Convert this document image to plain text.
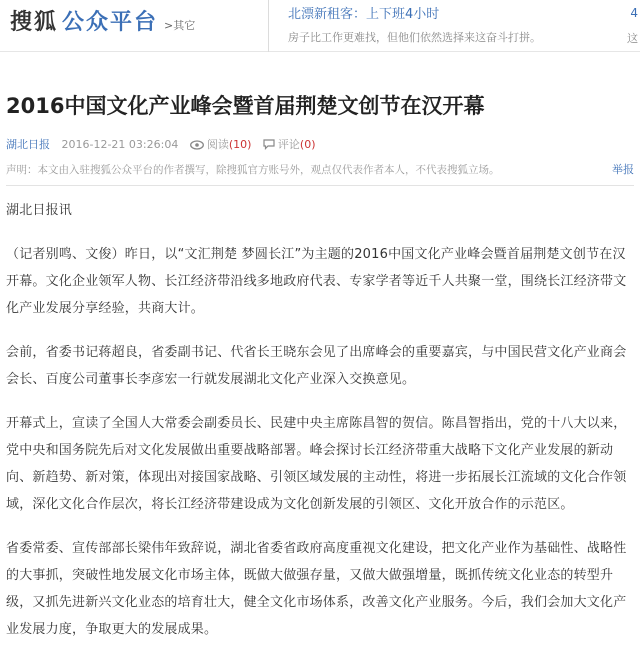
搜狐 公众平台 >其它
北漂新租客：上下班4小时
房子比工作更难找，但他们依然选择来这奋斗打拼。
4
这
2016中国文化产业峰会暨首届荆楚文创节在汉开幕
湖北日报 2016-12-21 03:26:04	阅读(10) 评论(0)
声明：本文由入驻搜狐公众平台的作者撰写，除搜狐官方账号外，观点仅代表作者本人，不代表搜狐立场。	举报

湖北日报讯

（记者别鸣、文俊）昨日，以“文汇荆楚 梦圆长江”为主题的2016中国文化产业峰会暨首届荆楚文创节在汉开幕。文化企业领军人物、长江经济带沿线多地政府代表、专家学者等近千人共聚一堂，围绕长江经济带文化产业发展分享经验，共商大计。

会前，省委书记蒋超良，省委副书记、代省长王晓东会见了出席峰会的重要嘉宾，与中国民营文化产业商会会长、百度公司董事长李彦宏一行就发展湖北文化产业深入交换意见。

开幕式上，宣读了全国人大常委会副委员长、民建中央主席陈昌智的贺信。陈昌智指出，党的十八大以来，党中央和国务院先后对文化发展做出重要战略部署。峰会探讨长江经济带重大战略下文化产业发展的新动向、新趋势、新对策，体现出对接国家战略、引领区域发展的主动性，将进一步拓展长江流域的文化合作领域，深化文化合作层次，将长江经济带建设成为文化创新发展的引领区、文化开放合作的示范区。

省委常委、宣传部部长梁伟年致辞说，湖北省委省政府高度重视文化建设，把文化产业作为基础性、战略性的大事抓，突破性地发展文化市场主体，既做大做强存量，又做大做强增量，既抓传统文化业态的转型升级，又抓先进新兴文化业态的培育壮大，健全文化市场体系，改善文化产业服务。今后，我们会加大文化产业发展力度，争取更大的发展成果。
